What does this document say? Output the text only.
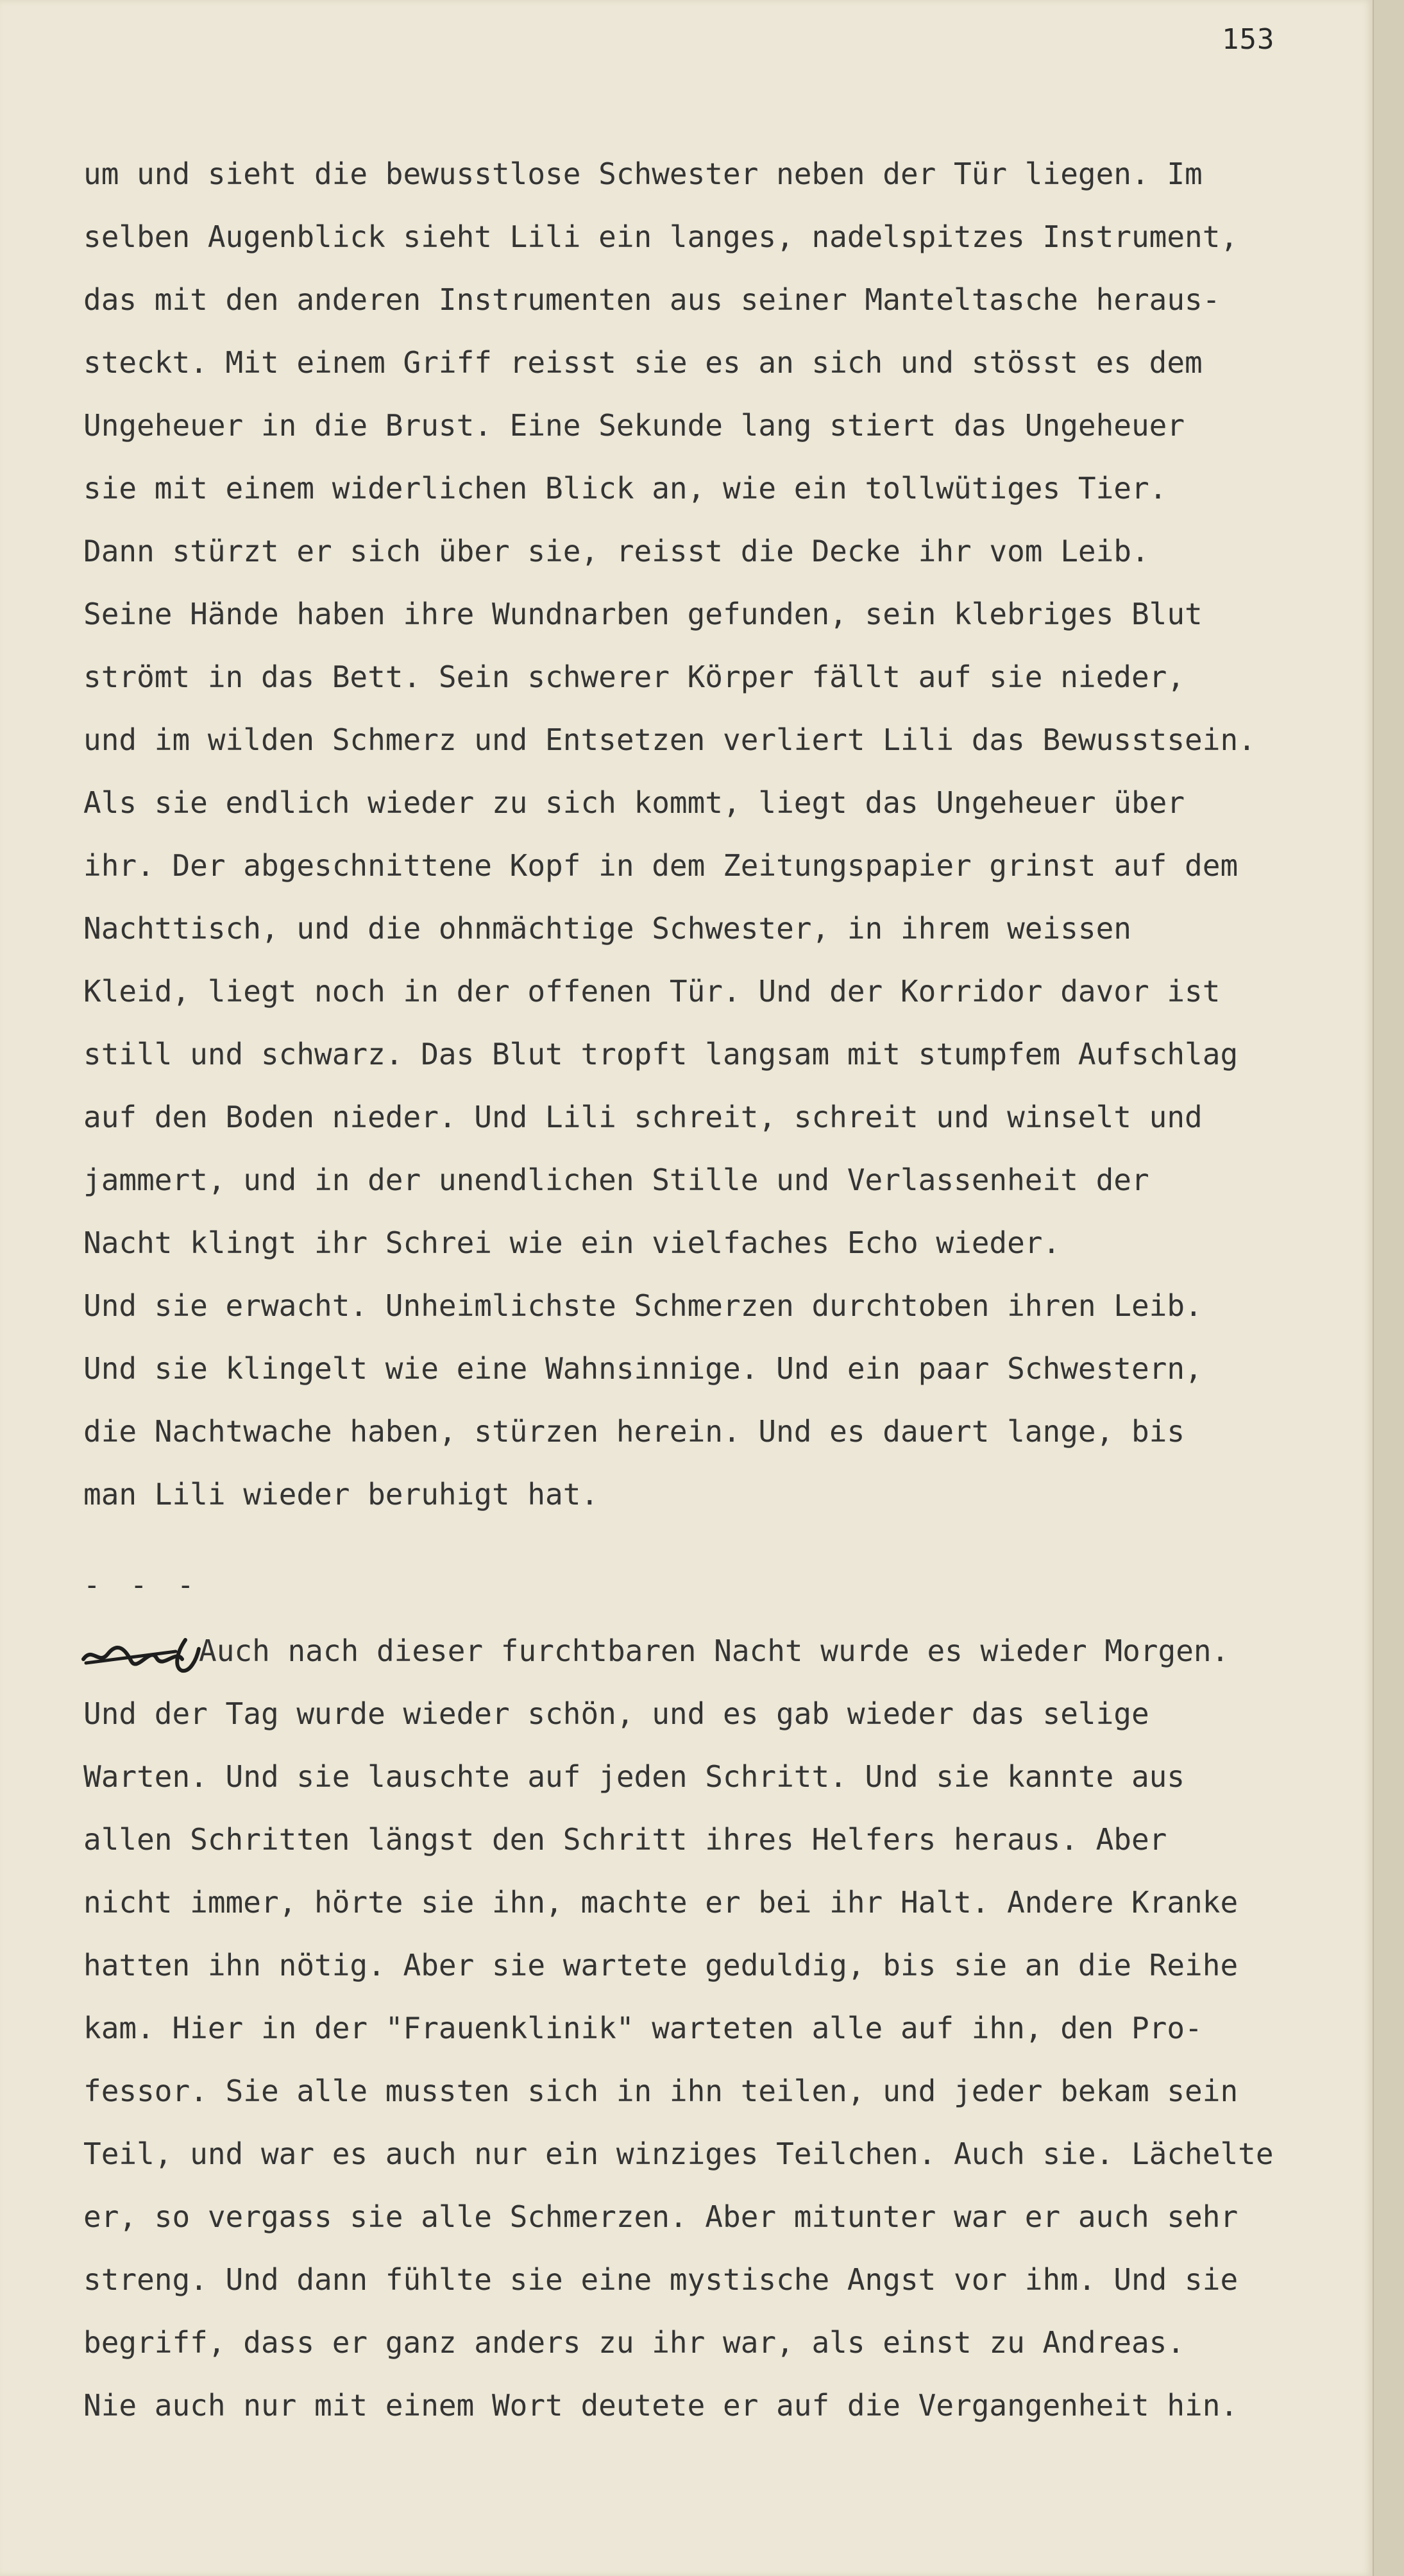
153
um und sieht die bewusstlose Schwester neben der Tür liegen. Im
selben Augenblick sieht Lili ein langes, nadelspitzes Instrument,
das mit den anderen Instrumenten aus seiner Manteltasche heraus-
steckt. Mit einem Griff reisst sie es an sich und stösst es dem
Ungeheuer in die Brust. Eine Sekunde lang stiert das Ungeheuer
sie mit einem widerlichen Blick an, wie ein tollwütiges Tier.
Dann stürzt er sich über sie, reisst die Decke ihr vom Leib.
Seine Hände haben ihre Wundnarben gefunden, sein klebriges Blut
strömt in das Bett. Sein schwerer Körper fällt auf sie nieder,
und im wilden Schmerz und Entsetzen verliert Lili das Bewusstsein.
Als sie endlich wieder zu sich kommt, liegt das Ungeheuer über
ihr. Der abgeschnittene Kopf in dem Zeitungspapier grinst auf dem
Nachttisch, und die ohnmächtige Schwester, in ihrem weissen
Kleid, liegt noch in der offenen Tür. Und der Korridor davor ist
still und schwarz. Das Blut tropft langsam mit stumpfem Aufschlag
auf den Boden nieder. Und Lili schreit, schreit und winselt und
jammert, und in der unendlichen Stille und Verlassenheit der
Nacht klingt ihr Schrei wie ein vielfaches Echo wieder.
Und sie erwacht. Unheimlichste Schmerzen durchtoben ihren Leib.
Und sie klingelt wie eine Wahnsinnige. Und ein paar Schwestern,
die Nachtwache haben, stürzen herein. Und es dauert lange, bis
man Lili wieder beruhigt hat.
- - -
Auch nach dieser furchtbaren Nacht wurde es wieder Morgen.
Und der Tag wurde wieder schön, und es gab wieder das selige
Warten. Und sie lauschte auf jeden Schritt. Und sie kannte aus
allen Schritten längst den Schritt ihres Helfers heraus. Aber
nicht immer, hörte sie ihn, machte er bei ihr Halt. Andere Kranke
hatten ihn nötig. Aber sie wartete geduldig, bis sie an die Reihe
kam. Hier in der "Frauenklinik" warteten alle auf ihn, den Pro-
fessor. Sie alle mussten sich in ihn teilen, und jeder bekam sein
Teil, und war es auch nur ein winziges Teilchen. Auch sie. Lächelte
er, so vergass sie alle Schmerzen. Aber mitunter war er auch sehr
streng. Und dann fühlte sie eine mystische Angst vor ihm. Und sie
begriff, dass er ganz anders zu ihr war, als einst zu Andreas.
Nie auch nur mit einem Wort deutete er auf die Vergangenheit hin.
